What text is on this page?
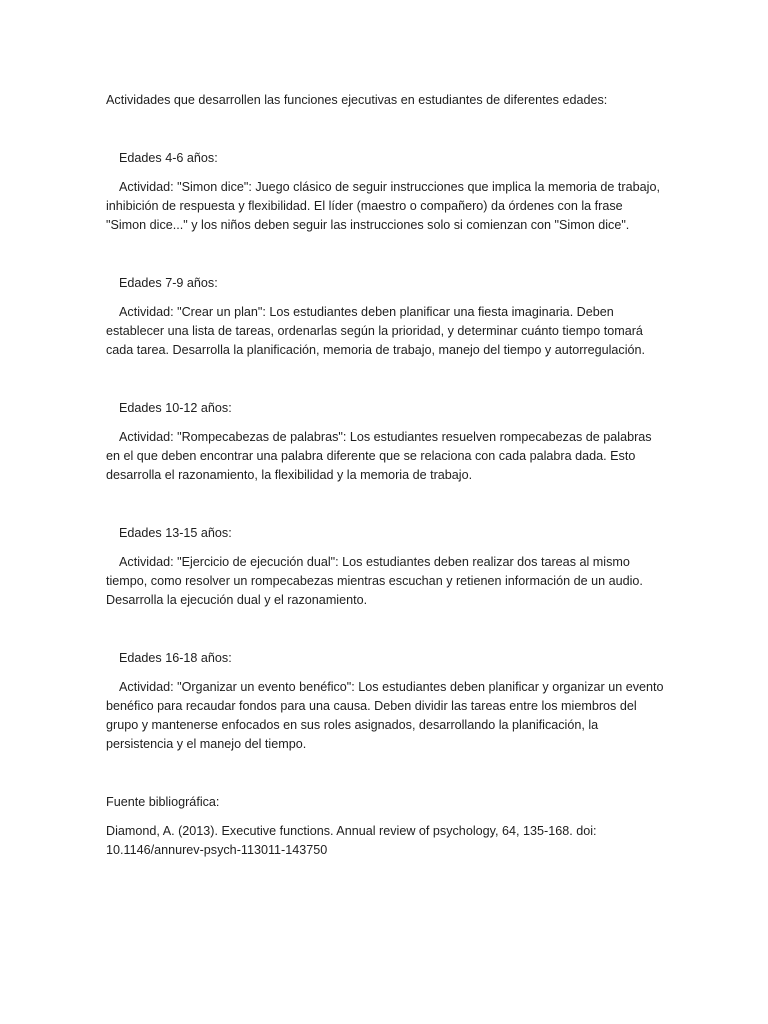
Actividades que desarrollen las funciones ejecutivas en estudiantes de diferentes edades:

Edades 4-6 años:

Actividad: "Simon dice": Juego clásico de seguir instrucciones que implica la memoria de trabajo, inhibición de respuesta y flexibilidad. El líder (maestro o compañero) da órdenes con la frase "Simon dice..." y los niños deben seguir las instrucciones solo si comienzan con "Simon dice".

Edades 7-9 años:

Actividad: "Crear un plan": Los estudiantes deben planificar una fiesta imaginaria. Deben establecer una lista de tareas, ordenarlas según la prioridad, y determinar cuánto tiempo tomará cada tarea. Desarrolla la planificación, memoria de trabajo, manejo del tiempo y autorregulación.

Edades 10-12 años:

Actividad: "Rompecabezas de palabras": Los estudiantes resuelven rompecabezas de palabras en el que deben encontrar una palabra diferente que se relaciona con cada palabra dada. Esto desarrolla el razonamiento, la flexibilidad y la memoria de trabajo.

Edades 13-15 años:

Actividad: "Ejercicio de ejecución dual": Los estudiantes deben realizar dos tareas al mismo tiempo, como resolver un rompecabezas mientras escuchan y retienen información de un audio. Desarrolla la ejecución dual y el razonamiento.

Edades 16-18 años:

Actividad: "Organizar un evento benéfico": Los estudiantes deben planificar y organizar un evento benéfico para recaudar fondos para una causa. Deben dividir las tareas entre los miembros del grupo y mantenerse enfocados en sus roles asignados, desarrollando la planificación, la persistencia y el manejo del tiempo.

Fuente bibliográfica:

Diamond, A. (2013). Executive functions. Annual review of psychology, 64, 135-168. doi: 10.1146/annurev-psych-113011-143750
